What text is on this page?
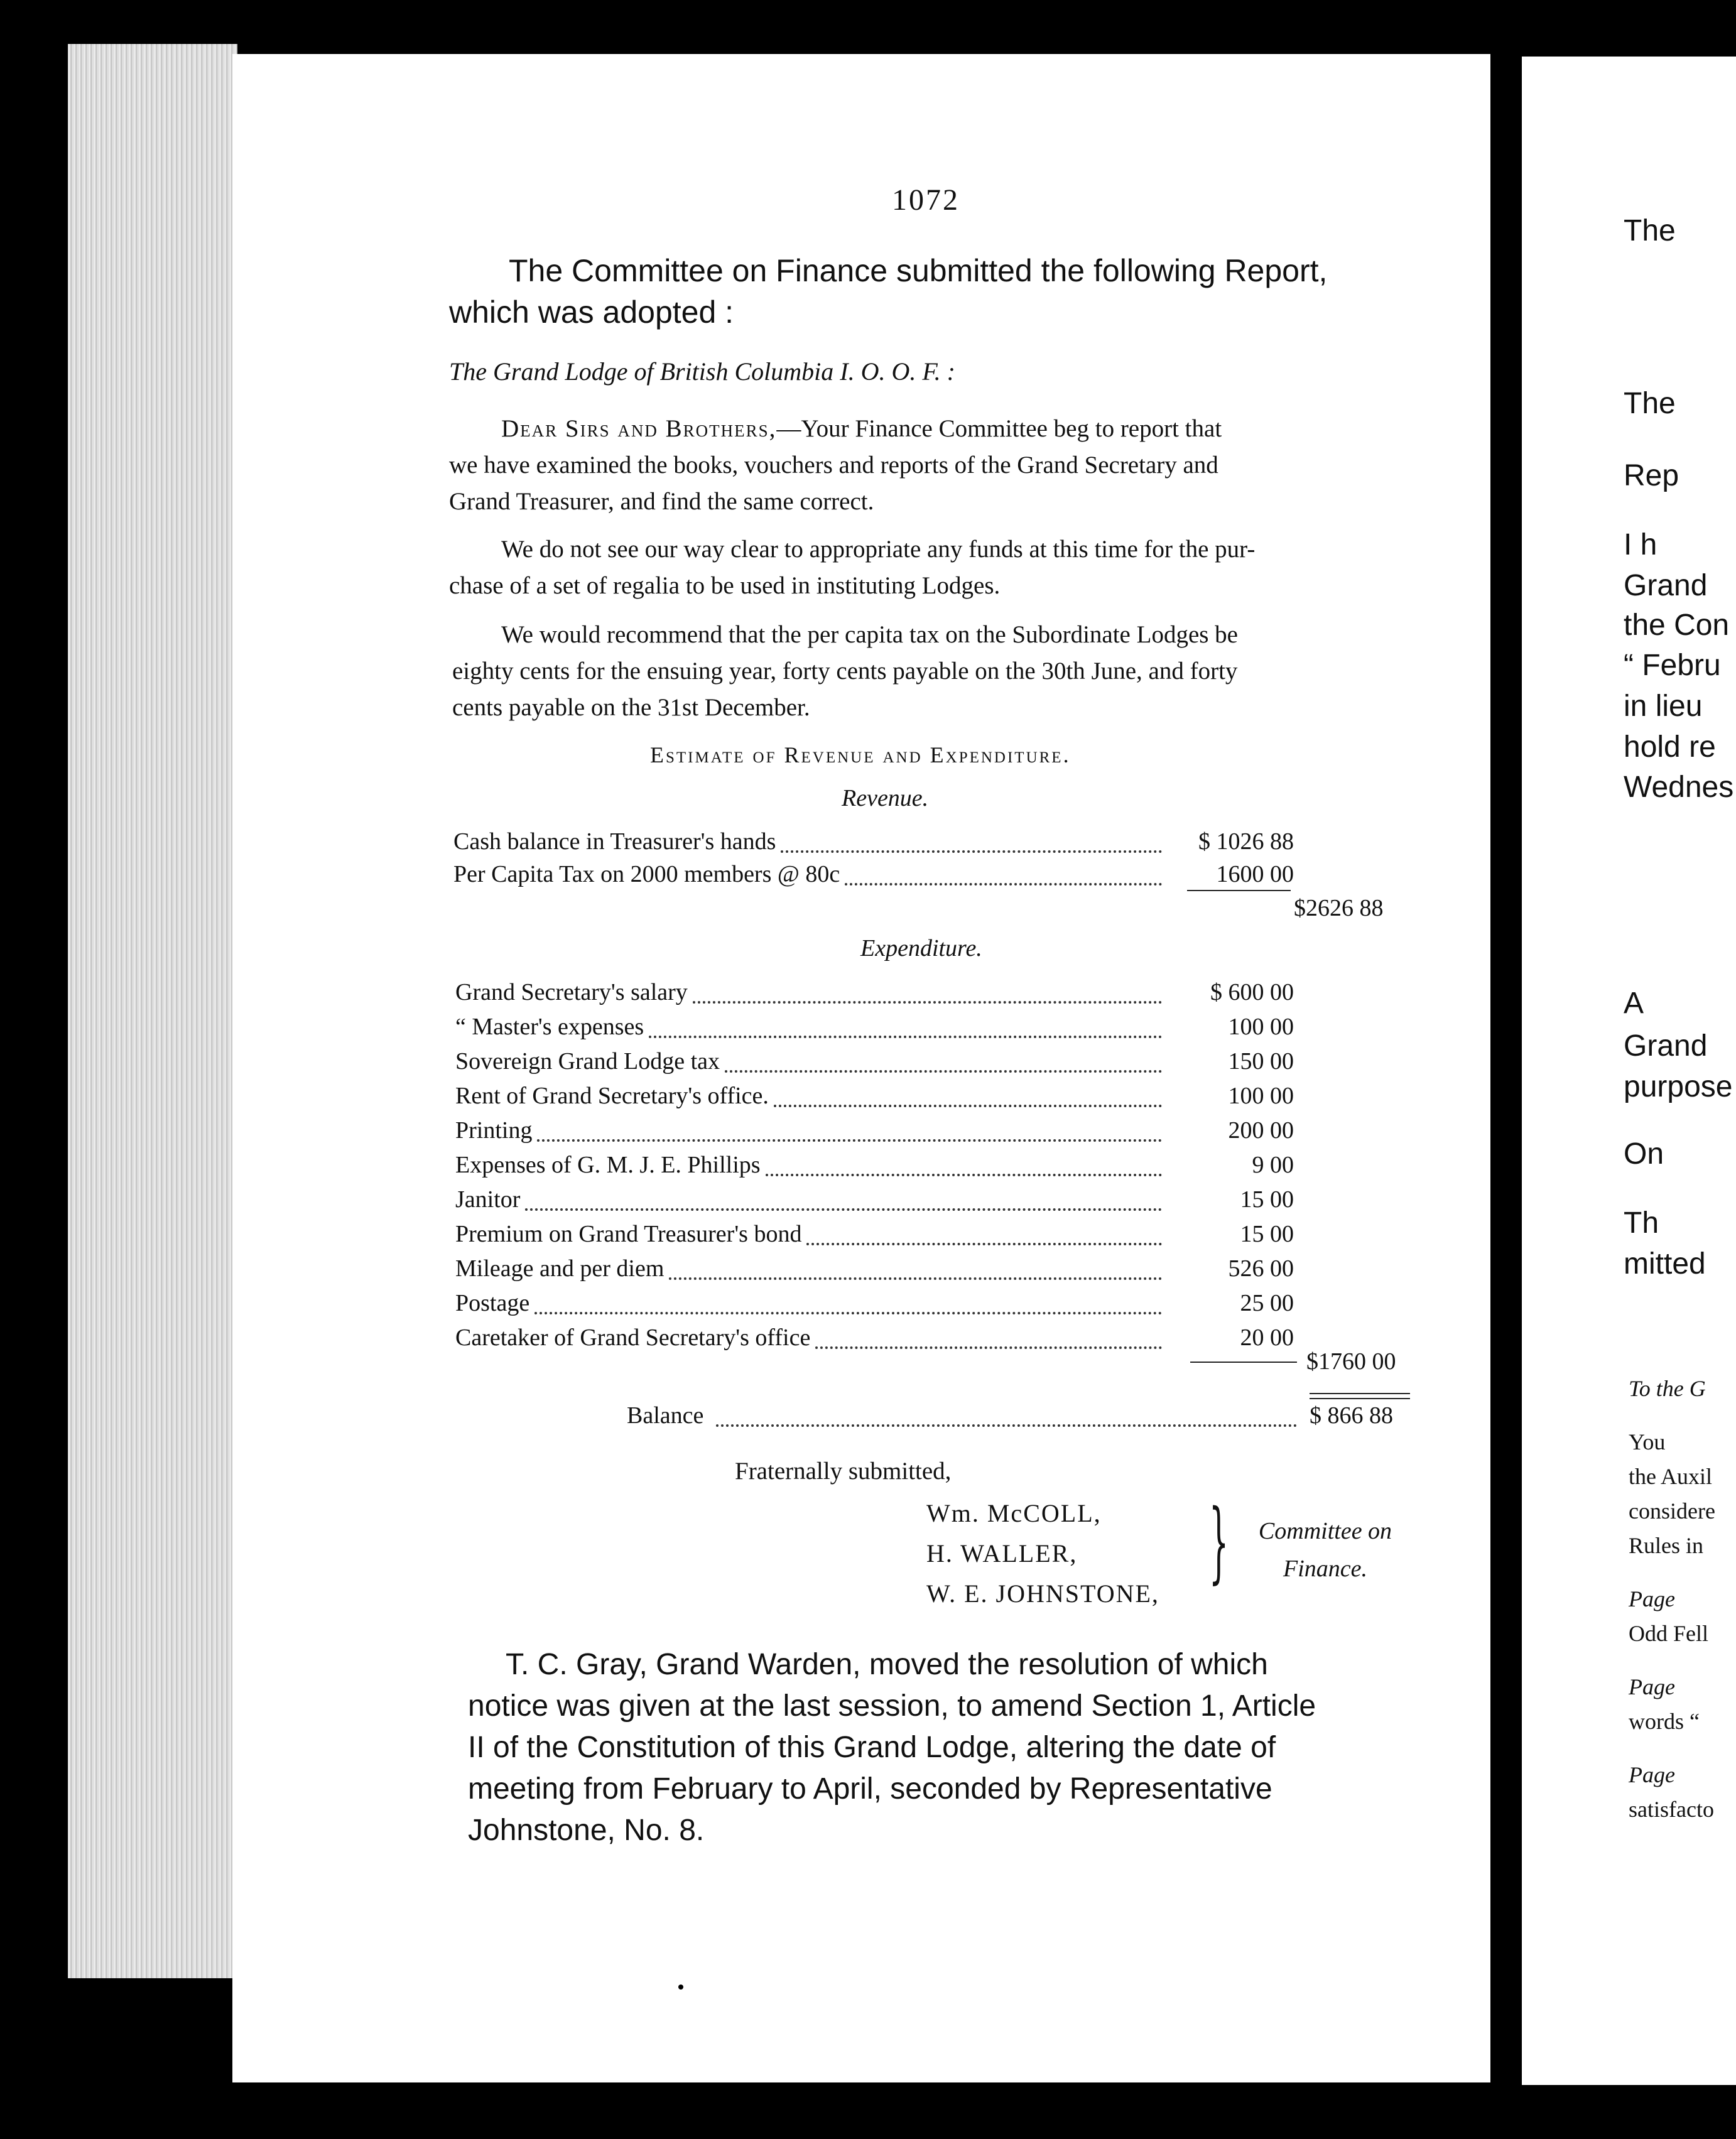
1072
The Committee on Finance submitted the following Report,
which was adopted :
The Grand Lodge of British Columbia I. O. O. F. :
Dear Sirs and Brothers,—Your Finance Committee beg to report that
we have examined the books, vouchers and reports of the Grand Secretary and
Grand Treasurer, and find the same correct.
We do not see our way clear to appropriate any funds at this time for the pur-
chase of a set of regalia to be used in instituting Lodges.
We would recommend that the per capita tax on the Subordinate Lodges be
eighty cents for the ensuing year, forty cents payable on the 30th June, and forty
cents payable on the 31st December.
Estimate of Revenue and Expenditure.
Revenue.
Cash balance in Treasurer's hands	$ 1026 88
Per Capita Tax on 2000 members @ 80c	1600 00
$2626 88
Expenditure.
Grand Secretary's salary	$ 600 00
“ Master's expenses	100 00
Sovereign Grand Lodge tax	150 00
Rent of Grand Secretary's office.	100 00
Printing	200 00
Expenses of G. M. J. E. Phillips	9 00
Janitor	15 00
Premium on Grand Treasurer's bond	15 00
Mileage and per diem	526 00
Postage	25 00
Caretaker of Grand Secretary's office	20 00
$1760 00
Balance	$ 866 88
Fraternally submitted,
Wm. McCOLL,
H. WALLER,
W. E. JOHNSTONE,
}	Committee on
Finance.
T. C. Gray, Grand Warden, moved the resolution of which
notice was given at the last session, to amend Section 1, Article
II of the Constitution of this Grand Lodge, altering the date of
meeting from February to April, seconded by Representative
Johnstone, No. 8.
The
The
Rep
I h
Grand
the Con
“ Febru
in lieu
hold re
Wednes
A
Grand
purpose
On
Th
mitted
To the G
You
the Auxil
considere
Rules in
Page
Odd Fell
Page
words “
Page
satisfacto
